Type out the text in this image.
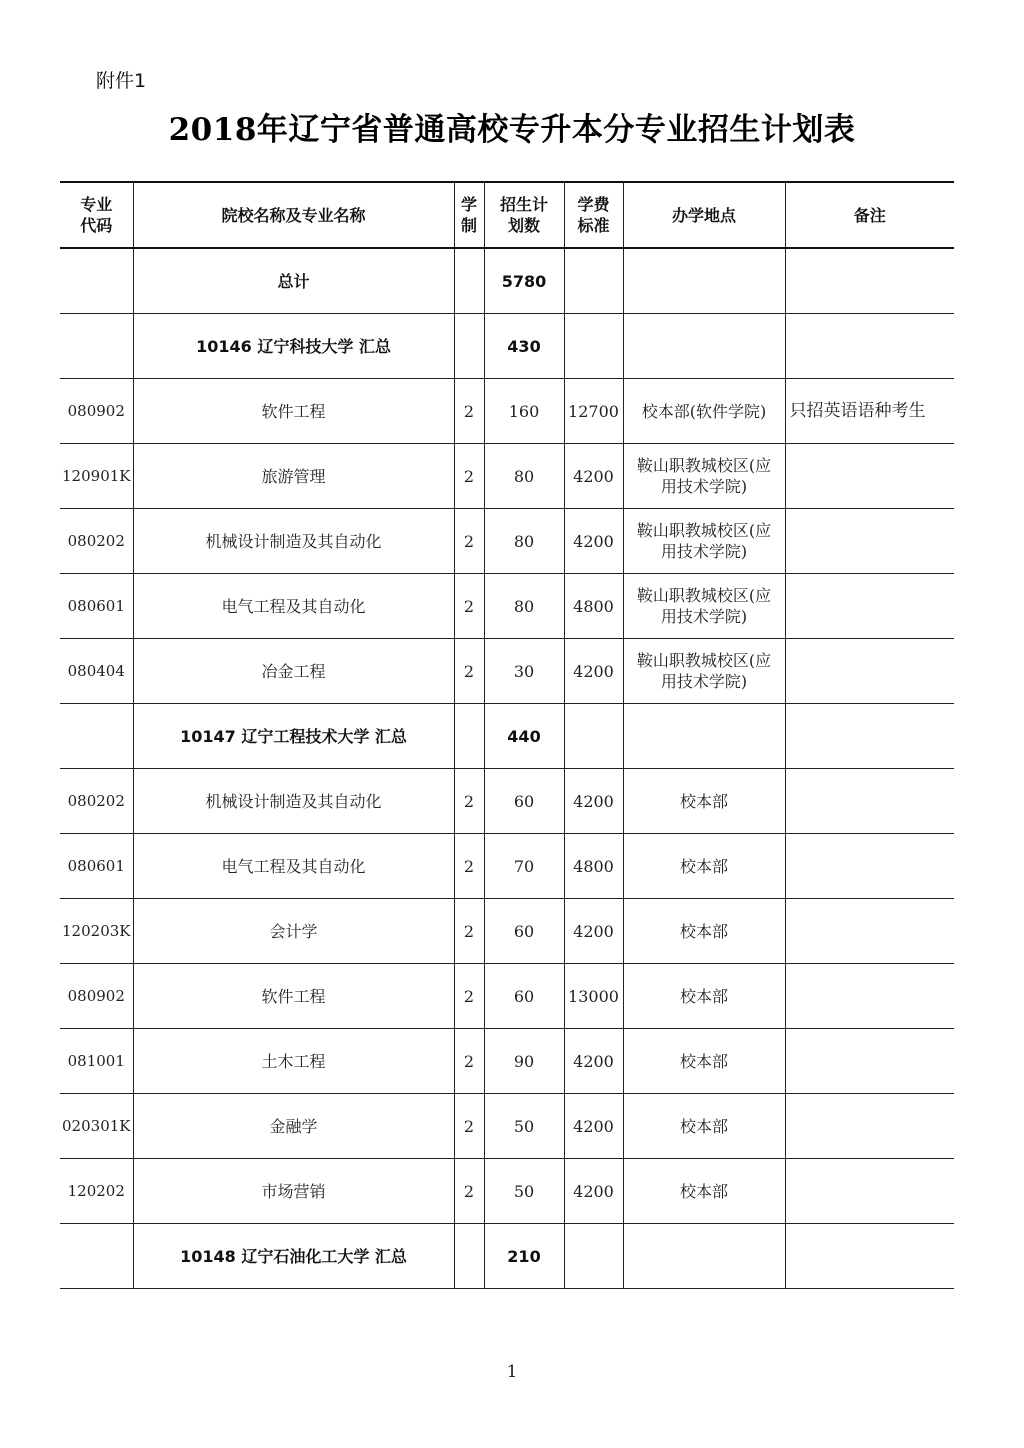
附件1
2018年辽宁省普通高校专升本分专业招生计划表
专业代码	院校名称及专业名称	学制	招生计划数	学费标准	办学地点	备注
	总计		5780			
	10146 辽宁科技大学 汇总		430			
080902	软件工程	2	160	12700	校本部(软件学院)	只招英语语种考生
120901K	旅游管理	2	80	4200	鞍山职教城校区(应用技术学院)	
080202	机械设计制造及其自动化	2	80	4200	鞍山职教城校区(应用技术学院)	
080601	电气工程及其自动化	2	80	4800	鞍山职教城校区(应用技术学院)	
080404	冶金工程	2	30	4200	鞍山职教城校区(应用技术学院)	
	10147 辽宁工程技术大学 汇总		440			
080202	机械设计制造及其自动化	2	60	4200	校本部	
080601	电气工程及其自动化	2	70	4800	校本部	
120203K	会计学	2	60	4200	校本部	
080902	软件工程	2	60	13000	校本部	
081001	土木工程	2	90	4200	校本部	
020301K	金融学	2	50	4200	校本部	
120202	市场营销	2	50	4200	校本部	
	10148 辽宁石油化工大学 汇总		210			
1
